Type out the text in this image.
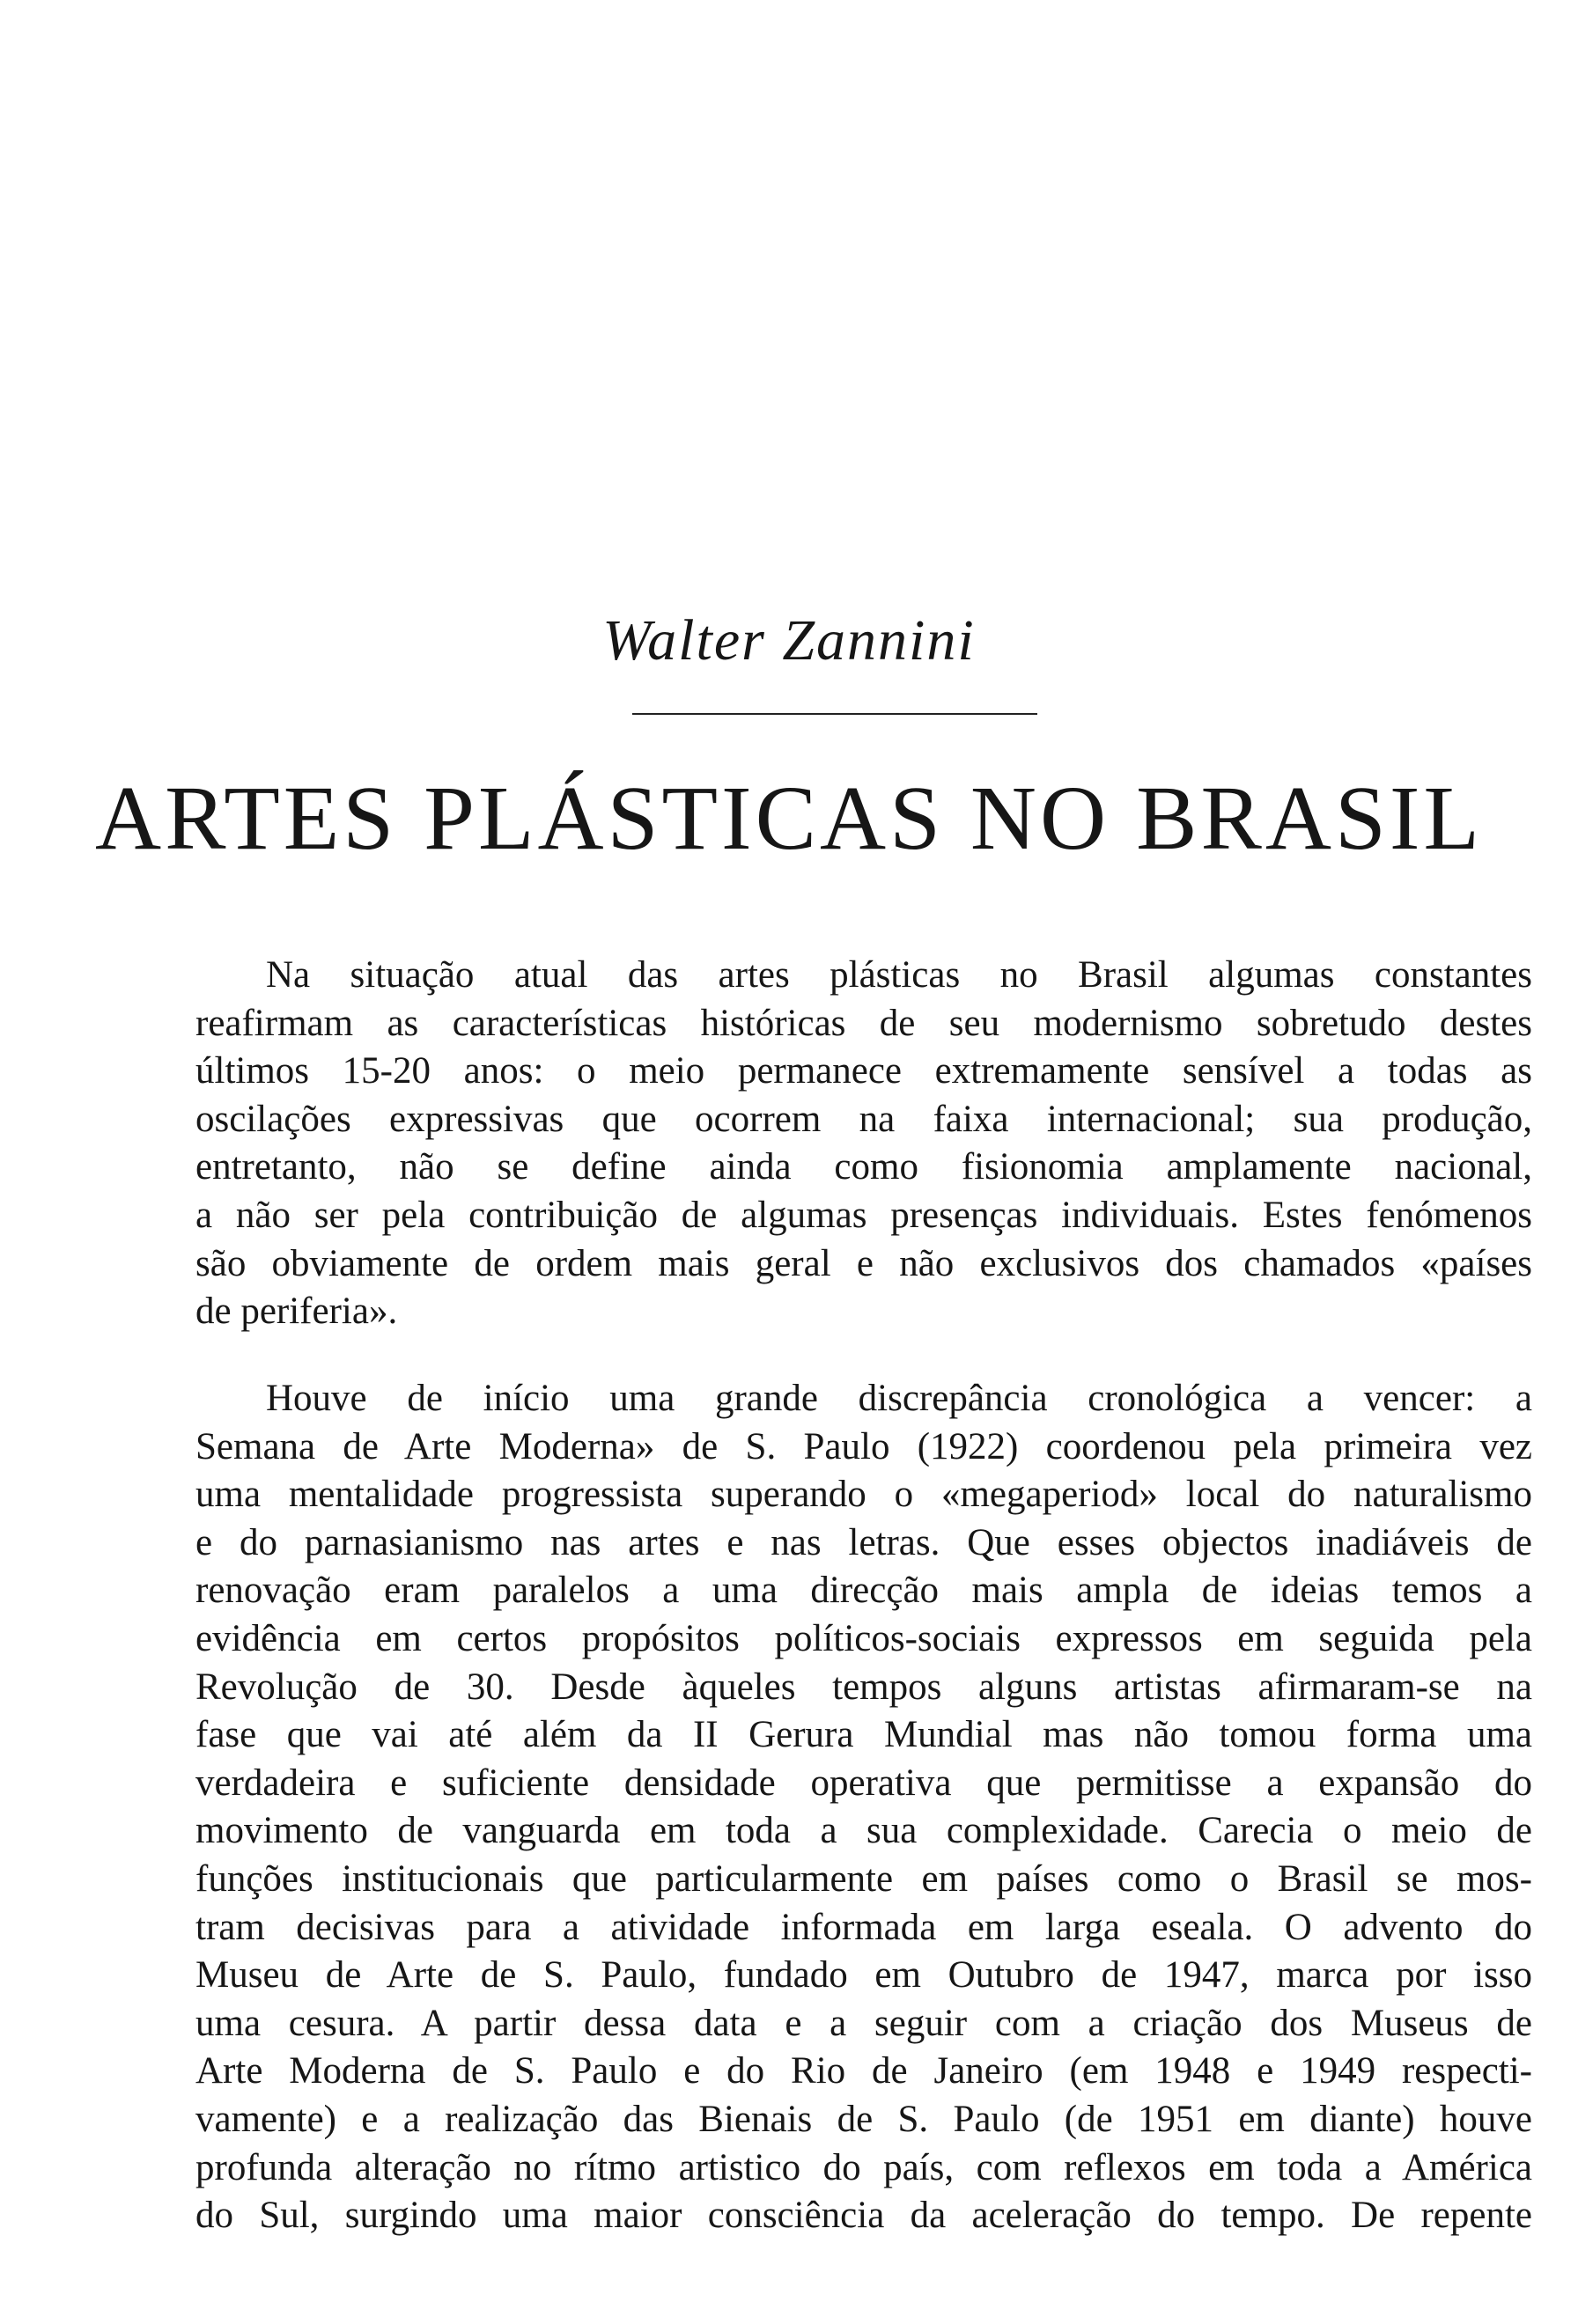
Walter Zannini
ARTES PLÁSTICAS NO BRASIL
Na situação atual das artes plásticas no Brasil algumas constantes
reafirmam as características históricas de seu modernismo sobretudo destes
últimos 15-20 anos: o meio permanece extremamente sensível a todas as
oscilações expressivas que ocorrem na faixa internacional; sua produção,
entretanto, não se define ainda como fisionomia amplamente nacional,
a não ser pela contribuição de algumas presenças individuais. Estes fenómenos
são obviamente de ordem mais geral e não exclusivos dos chamados «países
de periferia».
Houve de início uma grande discrepância cronológica a vencer: a
Semana de Arte Moderna» de S. Paulo (1922) coordenou pela primeira vez
uma mentalidade progressista superando o «megaperiod» local do naturalismo
e do parnasianismo nas artes e nas letras. Que esses objectos inadiáveis de
renovação eram paralelos a uma direcção mais ampla de ideias temos a
evidência em certos propósitos políticos-sociais expressos em seguida pela
Revolução de 30. Desde àqueles tempos alguns artistas afirmaram-se na
fase que vai até além da II Gerura Mundial mas não tomou forma uma
verdadeira e suficiente densidade operativa que permitisse a expansão do
movimento de vanguarda em toda a sua complexidade. Carecia o meio de
funções institucionais que particularmente em países como o Brasil se mos-
tram decisivas para a atividade informada em larga esealа. O advento do
Museu de Arte de S. Paulo, fundado em Outubro de 1947, marca por isso
uma cesura. A partir dessa data e a seguir com a criação dos Museus de
Arte Moderna de S. Paulo e do Rio de Janeiro (em 1948 e 1949 respecti-
vamente) e a realização das Bienais de S. Paulo (de 1951 em diante) houve
profunda alteração no rítmo artistico do país, com reflexos em toda a América
do Sul, surgindo uma maior consciência da aceleração do tempo. De repente
